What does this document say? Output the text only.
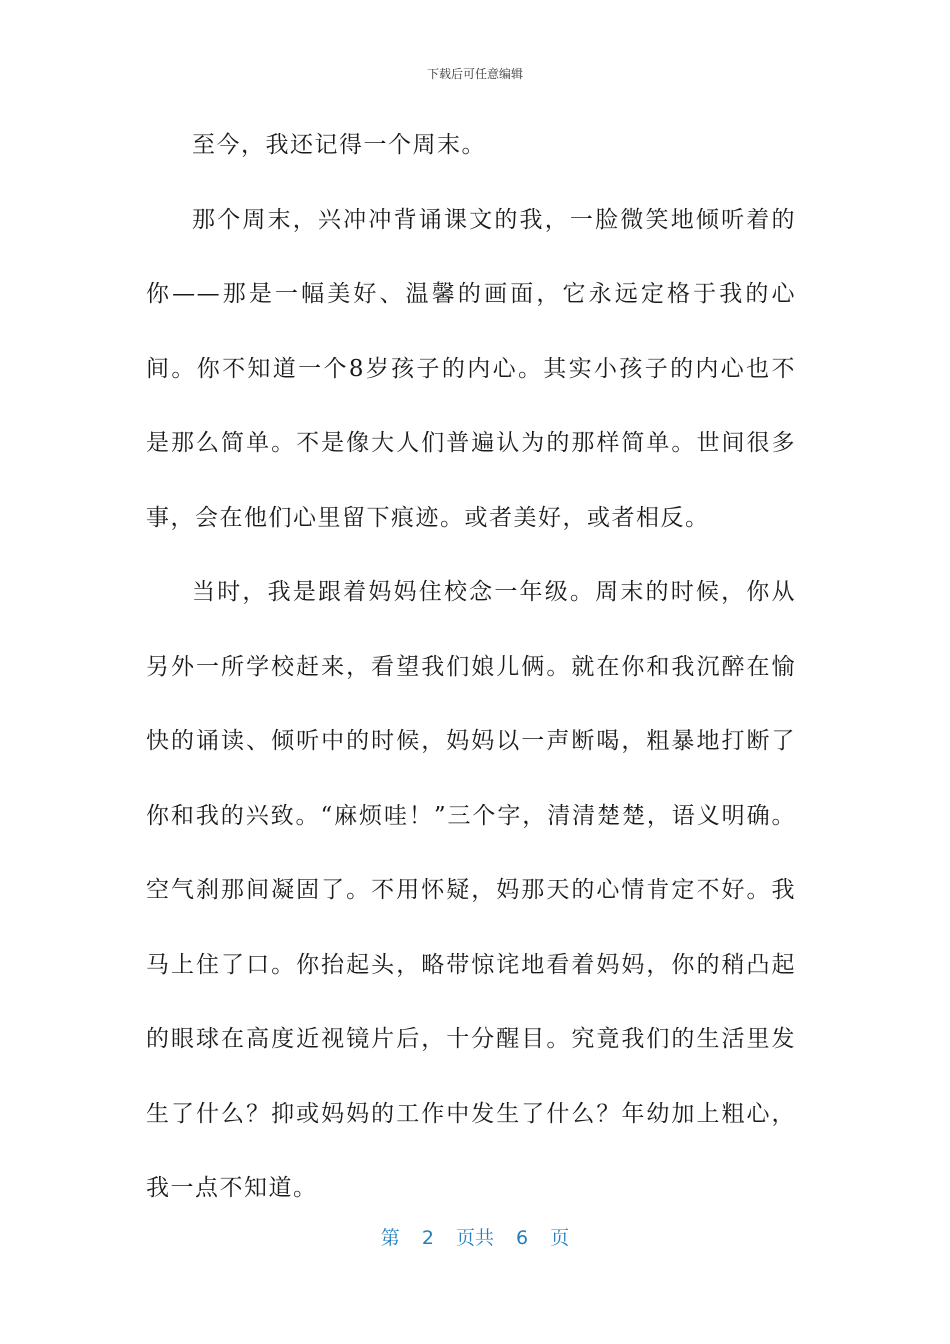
下载后可任意编辑

至今，我还记得一个周末。

那个周末，兴冲冲背诵课文的我，一脸微笑地倾听着的你——那是一幅美好、温馨的画面，它永远定格于我的心间。你不知道一个8岁孩子的内心。其实小孩子的内心也不是那么简单。不是像大人们普遍认为的那样简单。世间很多事，会在他们心里留下痕迹。或者美好，或者相反。

当时，我是跟着妈妈住校念一年级。周末的时候，你从另外一所学校赶来，看望我们娘儿俩。就在你和我沉醉在愉快的诵读、倾听中的时候，妈妈以一声断喝，粗暴地打断了你和我的兴致。“麻烦哇！”三个字，清清楚楚，语义明确。空气刹那间凝固了。不用怀疑，妈那天的心情肯定不好。我马上住了口。你抬起头，略带惊诧地看着妈妈，你的稍凸起的眼球在高度近视镜片后，十分醒目。究竟我们的生活里发生了什么？抑或妈妈的工作中发生了什么？年幼加上粗心，我一点不知道。

第 2 页共 6 页
